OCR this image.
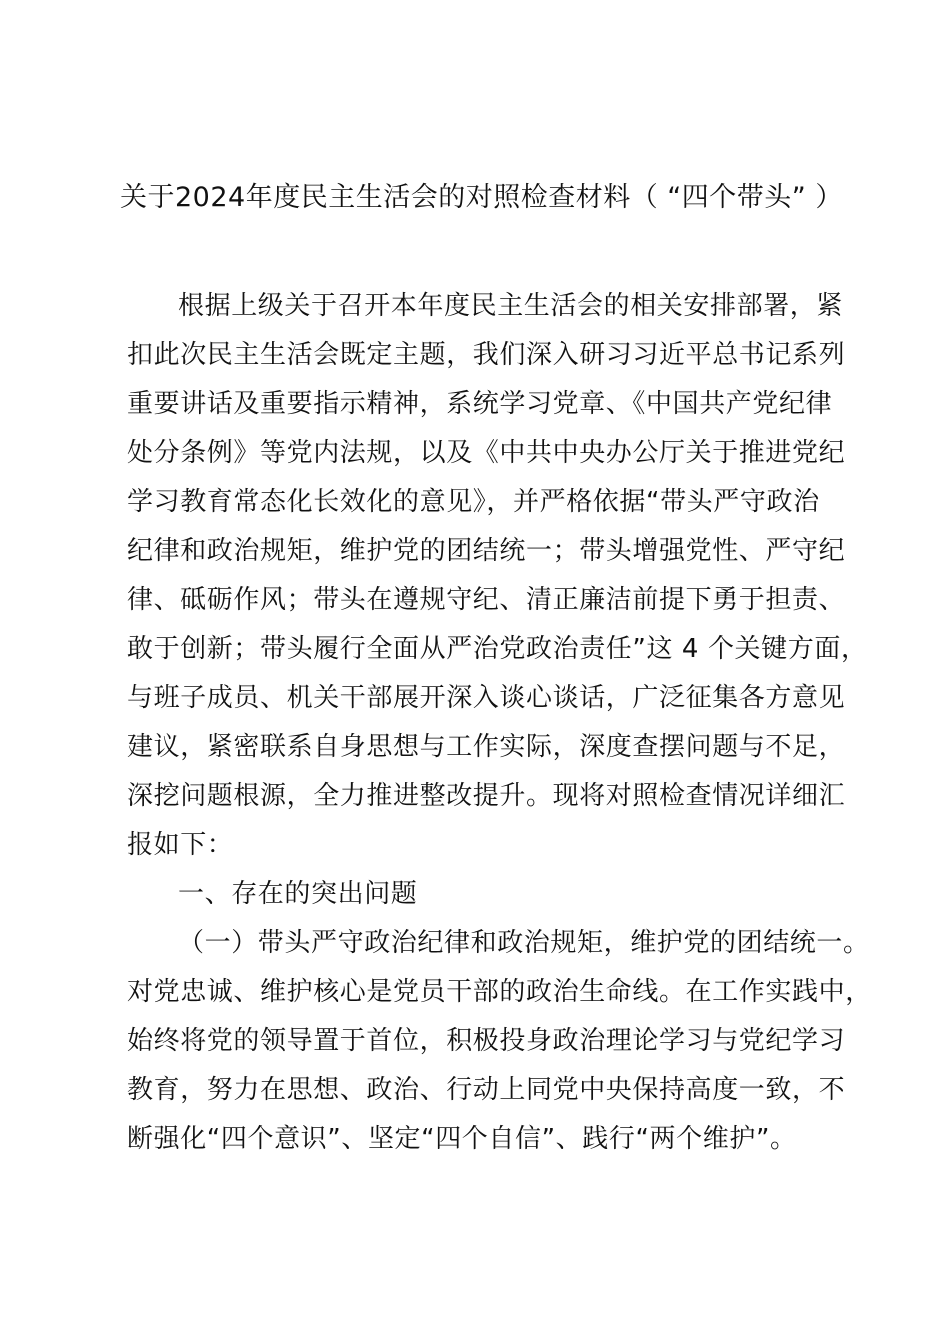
关于2024年度民主生活会的对照检查材料（ “四个带头” ）
根据上级关于召开本年度民主生活会的相关安排部署，紧
扣此次民主生活会既定主题，我们深入研习习近平总书记系列
重要讲话及重要指示精神，系统学习党章、《中国共产党纪律
处分条例》等党内法规，以及《中共中央办公厅关于推进党纪
学习教育常态化长效化的意见》，并严格依据“带头严守政治
纪律和政治规矩，维护党的团结统一；带头增强党性、严守纪
律、砥砺作风；带头在遵规守纪、清正廉洁前提下勇于担责、
敢于创新；带头履行全面从严治党政治责任”这 4 个关键方面，
与班子成员、机关干部展开深入谈心谈话，广泛征集各方意见
建议，紧密联系自身思想与工作实际，深度查摆问题与不足，
深挖问题根源，全力推进整改提升。现将对照检查情况详细汇
报如下：
一、存在的突出问题
（一）带头严守政治纪律和政治规矩，维护党的团结统一。
对党忠诚、维护核心是党员干部的政治生命线。在工作实践中，
始终将党的领导置于首位，积极投身政治理论学习与党纪学习
教育，努力在思想、政治、行动上同党中央保持高度一致，不
断强化“四个意识”、坚定“四个自信”、践行“两个维护”。
